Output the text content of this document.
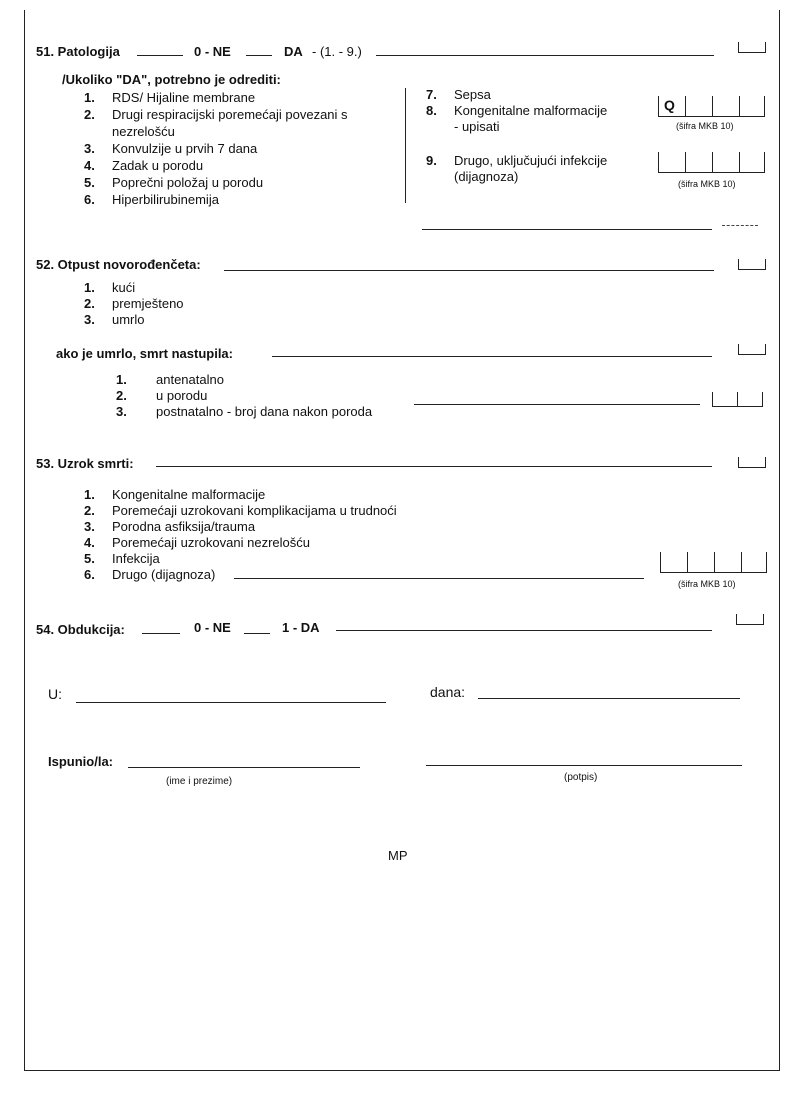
51. Patologija	0 - NE	DA - (1. - 9.)
/Ukoliko "DA", potrebno je odrediti:
1. RDS/ Hijaline membrane
2. Drugi respiracijski poremećaji povezani s
nezrelošću
3. Konvulzije u prvih 7 dana
4. Zadak u porodu
5. Poprečni položaj u porodu
6. Hiperbilirubinemija
7. Sepsa
8. Kongenitalne malformacije
- upisati
Q
(šifra MKB 10)
9. Drugo, uključujući infekcije
(dijagnoza)	(šifra MKB 10)
52. Otpust novorođenčeta:
1. kući
2. premješteno
3. umrlo
ako je umrlo, smrt nastupila:
1. antenatalno
2. u porodu
3. postnatalno - broj dana nakon poroda
53. Uzrok smrti:
1. Kongenitalne malformacije
2. Poremećaji uzrokovani komplikacijama u trudnoći
3. Porodna asfiksija/trauma
4. Poremećaji uzrokovani nezrelošću
5. Infekcija
6. Drugo (dijagnoza)
(šifra MKB 10)
54. Obdukcija:	0 - NE	1 - DA
U:	dana:
Ispunio/la:
(ime i prezime)	(potpis)
MP
